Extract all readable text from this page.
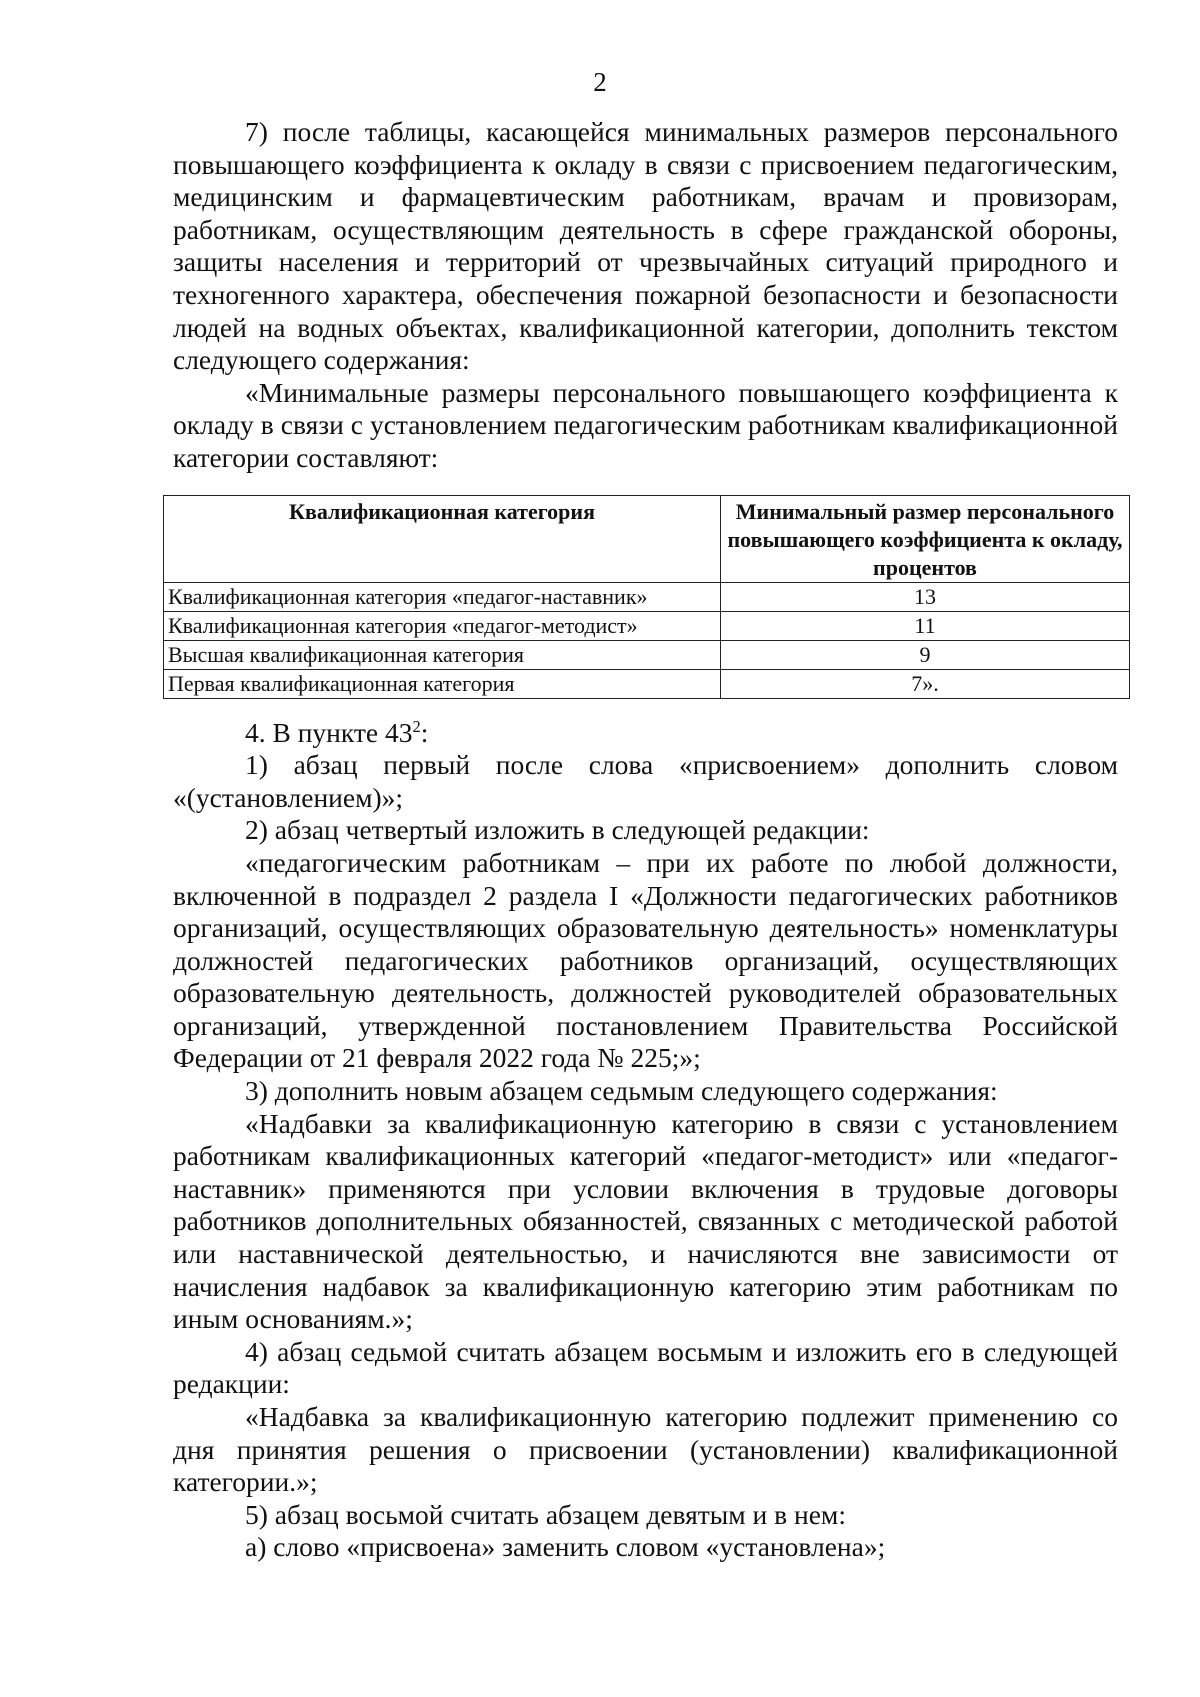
2

7) после таблицы, касающейся минимальных размеров персонального повышающего коэффициента к окладу в связи с присвоением педагогическим, медицинским и фармацевтическим работникам, врачам и провизорам, работникам, осуществляющим деятельность в сфере гражданской обороны, защиты населения и территорий от чрезвычайных ситуаций природного и техногенного характера, обеспечения пожарной безопасности и безопасности людей на водных объектах, квалификационной категории, дополнить текстом следующего содержания:

«Минимальные размеры персонального повышающего коэффициента к окладу в связи с установлением педагогическим работникам квалификационной категории составляют:

Квалификационная категория	Минимальный размер персонального повышающего коэффициента к окладу, процентов
Квалификационная категория «педагог-наставник»	13
Квалификационная категория «педагог-методист»	11
Высшая квалификационная категория	9
Первая квалификационная категория	7».

4. В пункте $43^2$:

1) абзац первый после слова «присвоением» дополнить словом «(установлением)»;

2) абзац четвертый изложить в следующей редакции:

«педагогическим работникам – при их работе по любой должности, включенной в подраздел 2 раздела I «Должности педагогических работников организаций, осуществляющих образовательную деятельность» номенклатуры должностей педагогических работников организаций, осуществляющих образовательную деятельность, должностей руководителей образовательных организаций, утвержденной постановлением Правительства Российской Федерации от 21 февраля 2022 года № 225;»;

3) дополнить новым абзацем седьмым следующего содержания:

«Надбавки за квалификационную категорию в связи с установлением работникам квалификационных категорий «педагог-методист» или «педагог-наставник» применяются при условии включения в трудовые договоры работников дополнительных обязанностей, связанных с методической работой или наставнической деятельностью, и начисляются вне зависимости от начисления надбавок за квалификационную категорию этим работникам по иным основаниям.»;

4) абзац седьмой считать абзацем восьмым и изложить его в следующей редакции:

«Надбавка за квалификационную категорию подлежит применению со дня принятия решения о присвоении (установлении) квалификационной категории.»;

5) абзац восьмой считать абзацем девятым и в нем:

а) слово «присвоена» заменить словом «установлена»;
